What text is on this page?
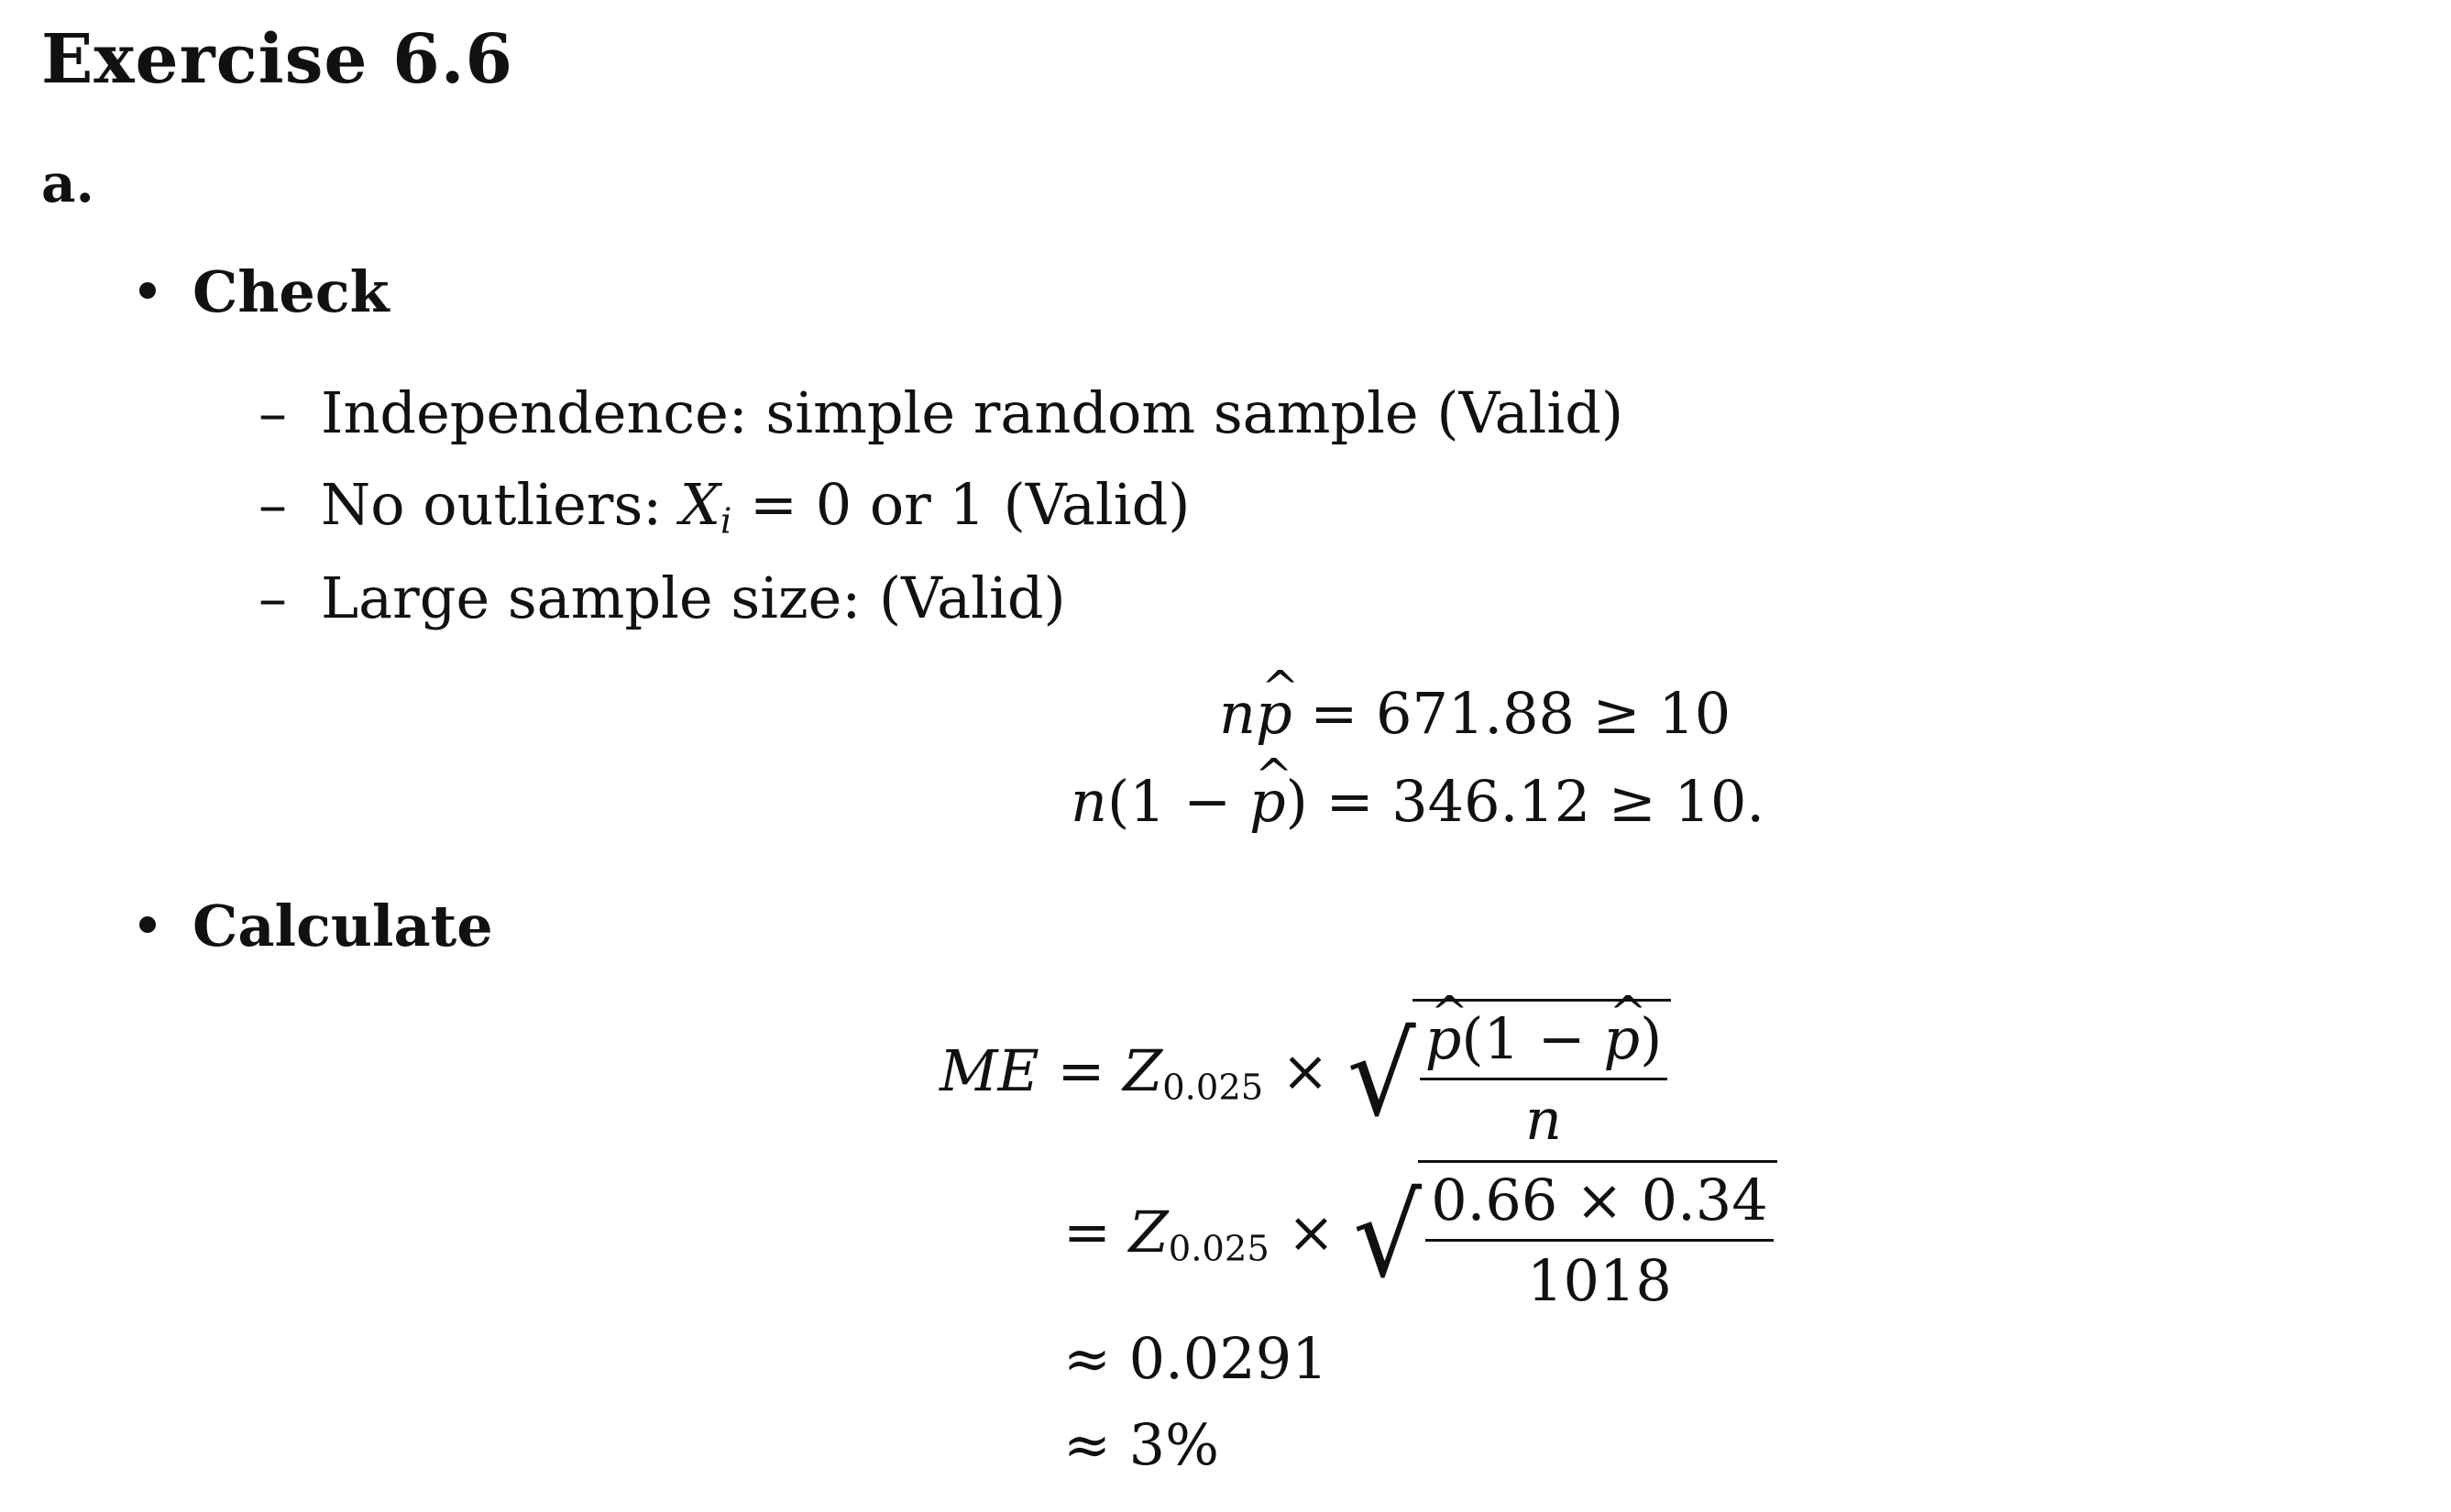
Exercise 6.6
a.
Check
– Independence: simple random sample (Valid)
– No outliers: $X_i = 0$ or 1 (Valid)
– Large sample size: (Valid)
n^ p = 671.88 ≥ 10
n(1 − ^ p) = 346.12 ≥ 10.
Calculate
ME = $Z_{0.025}$ × √ ^ $\frac{p(1 - \^{} p)}{n}$
= $Z_{0.025}$ × √ $\frac{0.66 \times 0.34}{1018}$
≈ 0.0291
≈ 3%
